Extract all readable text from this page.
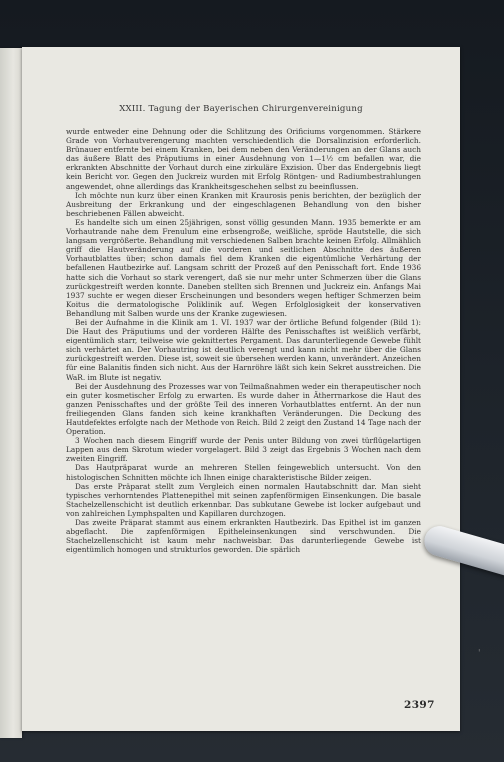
XXIII. Tagung der Bayerischen Chirurgenvereinigung
2397
ꞌ

wurde entweder eine Dehnung oder die Schlitzung des Orificiums vorgenommen. Stärkere Grade von Vorhautverengerung machten verschiedentlich die Dorsalinzision erforderlich. Brünauer entfernte bei einem Kranken, bei dem neben den Veränderungen an der Glans auch das äußere Blatt des Präputiums in einer Ausdehnung von 1—1½ cm befallen war, die erkrankten Abschnitte der Vorhaut durch eine zirkuläre Exzision. Über das Endergebnis liegt kein Bericht vor. Gegen den Juckreiz wurden mit Erfolg Röntgen- und Radiumbestrahlungen angewendet, ohne allerdings das Krankheitsgeschehen selbst zu beeinflussen.

Ich möchte nun kurz über einen Kranken mit Kraurosis penis berichten, der bezüglich der Ausbreitung der Erkrankung und der eingeschlagenen Behandlung von den bisher beschriebenen Fällen abweicht.

Es handelte sich um einen 25jährigen, sonst völlig gesunden Mann. 1935 bemerkte er am Vorhautrande nahe dem Frenulum eine erbsengroße, weißliche, spröde Hautstelle, die sich langsam vergrößerte. Behandlung mit verschiedenen Salben brachte keinen Erfolg. Allmählich griff die Hautveränderung auf die vorderen und seitlichen Abschnitte des äußeren Vorhautblattes über; schon damals fiel dem Kranken die eigentümliche Verhärtung der befallenen Hautbezirke auf. Langsam schritt der Prozeß auf den Penisschaft fort. Ende 1936 hatte sich die Vorhaut so stark verengert, daß sie nur mehr unter Schmerzen über die Glans zurückgestreift werden konnte. Daneben stellten sich Brennen und Juckreiz ein. Anfangs Mai 1937 suchte er wegen dieser Erscheinungen und besonders wegen heftiger Schmerzen beim Koitus die dermatologische Poliklinik auf. Wegen Erfolglosigkeit der konservativen Behandlung mit Salben wurde uns der Kranke zugewiesen.

Bei der Aufnahme in die Klinik am 1. VI. 1937 war der örtliche Befund folgender (Bild 1): Die Haut des Präputiums und der vorderen Hälfte des Penisschaftes ist weißlich verfärbt, eigentümlich starr, teilweise wie geknittertes Pergament. Das darunterliegende Gewebe fühlt sich verhärtet an. Der Vorhautring ist deutlich verengt und kann nicht mehr über die Glans zurückgestreift werden. Diese ist, soweit sie übersehen werden kann, unverändert. Anzeichen für eine Balanitis finden sich nicht. Aus der Harnröhre läßt sich kein Sekret ausstreichen. Die WaR. im Blute ist negativ.

Bei der Ausdehnung des Prozesses war von Teilmaßnahmen weder ein therapeutischer noch ein guter kosmetischer Erfolg zu erwarten. Es wurde daher in Ätherrnarkose die Haut des ganzen Penisschaftes und der größte Teil des inneren Vorhautblattes entfernt. An der nun freiliegenden Glans fanden sich keine krankhaften Veränderungen. Die Deckung des Hautdefektes erfolgte nach der Methode von Reich. Bild 2 zeigt den Zustand 14 Tage nach der Operation.

3 Wochen nach diesem Eingriff wurde der Penis unter Bildung von zwei türflügelartigen Lappen aus dem Skrotum wieder vorgelagert. Bild 3 zeigt das Ergebnis 3 Wochen nach dem zweiten Eingriff.

Das Hautpräparat wurde an mehreren Stellen feingeweblich untersucht. Von den histologischen Schnitten möchte ich Ihnen einige charakteristische Bilder zeigen.

Das erste Präparat stellt zum Vergleich einen normalen Hautabschnitt dar. Man sieht typisches verhorntendes Plattenepithel mit seinen zapfenförmigen Einsenkungen. Die basale Stachelzellenschicht ist deutlich erkennbar. Das subkutane Gewebe ist locker aufgebaut und von zahlreichen Lymphspalten und Kapillaren durchzogen.

Das zweite Präparat stammt aus einem erkrankten Hautbezirk. Das Epithel ist im ganzen abgeflacht. Die zapfenförmigen Epitheleinsenkungen sind verschwunden. Die Stachelzellenschicht ist kaum mehr nachweisbar. Das darunterliegende Gewebe ist eigentümlich homogen und strukturlos geworden. Die spärlich
